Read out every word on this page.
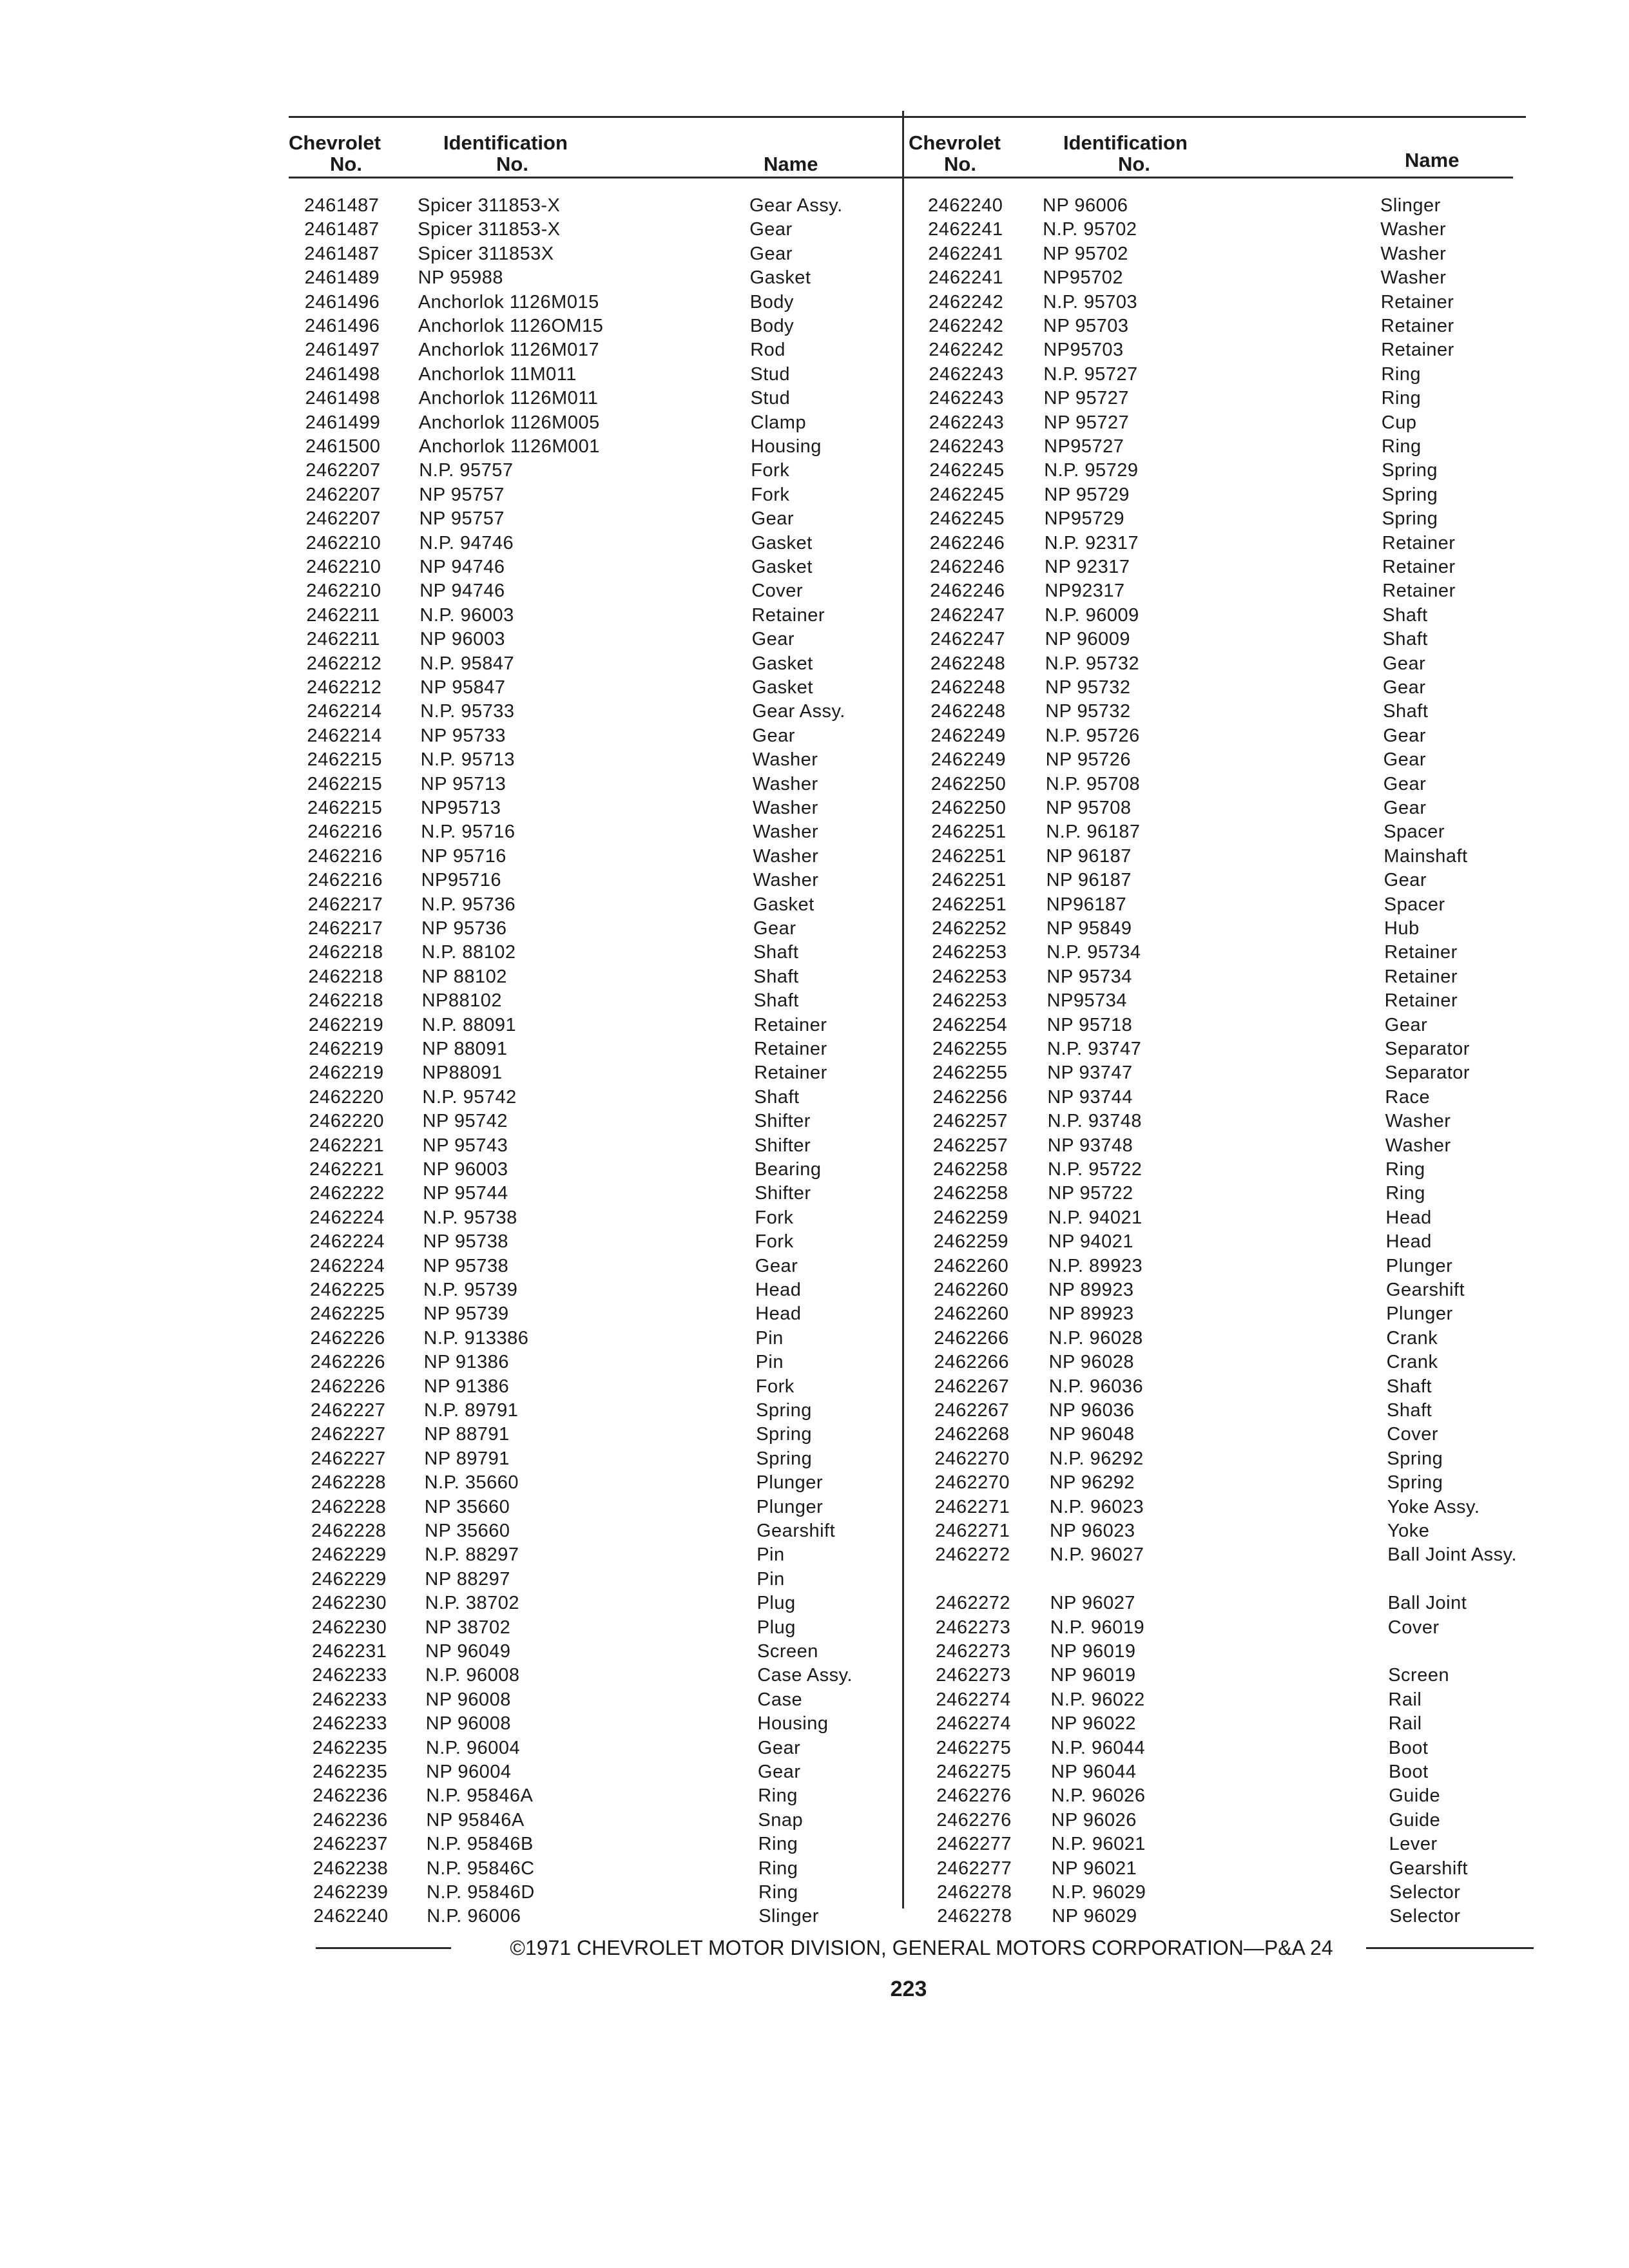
Chevrolet
No.
Identification
No.	Name
Chevrolet
No.
Identification
No.	Name
2461487 Spicer 311853-X	Gear Assy.
2461487 Spicer 311853-X	Gear
2461487 Spicer 311853X	Gear
2461489 NP 95988	Gasket
2461496 Anchorlok 1126M015	Body
2461496 Anchorlok 1126OM15	Body
2461497 Anchorlok 1126M017	Rod
2461498 Anchorlok 11M011	Stud
2461498 Anchorlok 1126M011	Stud
2461499 Anchorlok 1126M005	Clamp
2461500 Anchorlok 1126M001	Housing
2462207 N.P. 95757	Fork
2462207 NP 95757	Fork
2462207 NP 95757	Gear
2462210 N.P. 94746	Gasket
2462210 NP 94746	Gasket
2462210 NP 94746	Cover
2462211 N.P. 96003	Retainer
2462211 NP 96003	Gear
2462212 N.P. 95847	Gasket
2462212 NP 95847	Gasket
2462214 N.P. 95733	Gear Assy.
2462214 NP 95733	Gear
2462215 N.P. 95713	Washer
2462215 NP 95713	Washer
2462215 NP95713	Washer
2462216 N.P. 95716	Washer
2462216 NP 95716	Washer
2462216 NP95716	Washer
2462217 N.P. 95736	Gasket
2462217 NP 95736	Gear
2462218 N.P. 88102	Shaft
2462218 NP 88102	Shaft
2462218 NP88102	Shaft
2462219 N.P. 88091	Retainer
2462219 NP 88091	Retainer
2462219 NP88091	Retainer
2462220 N.P. 95742	Shaft
2462220 NP 95742	Shifter
2462221 NP 95743	Shifter
2462221 NP 96003	Bearing
2462222 NP 95744	Shifter
2462224 N.P. 95738	Fork
2462224 NP 95738	Fork
2462224 NP 95738	Gear
2462225 N.P. 95739	Head
2462225 NP 95739	Head
2462226 N.P. 913386	Pin
2462226 NP 91386	Pin
2462226 NP 91386	Fork
2462227 N.P. 89791	Spring
2462227 NP 88791	Spring
2462227 NP 89791	Spring
2462228 N.P. 35660	Plunger
2462228 NP 35660	Plunger
2462228 NP 35660	Gearshift
2462229 N.P. 88297	Pin
2462229 NP 88297	Pin
2462230 N.P. 38702	Plug
2462230 NP 38702	Plug
2462231 NP 96049	Screen
2462233 N.P. 96008	Case Assy.
2462233 NP 96008	Case
2462233 NP 96008	Housing
2462235 N.P. 96004	Gear
2462235 NP 96004	Gear
2462236 N.P. 95846A	Ring
2462236 NP 95846A	Snap
2462237 N.P. 95846B	Ring
2462238 N.P. 95846C	Ring
2462239 N.P. 95846D	Ring
2462240 N.P. 96006	Slinger
2462240 NP 96006	Slinger
2462241 N.P. 95702	Washer
2462241 NP 95702	Washer
2462241 NP95702	Washer
2462242 N.P. 95703	Retainer
2462242 NP 95703	Retainer
2462242 NP95703	Retainer
2462243 N.P. 95727	Ring
2462243 NP 95727	Ring
2462243 NP 95727	Cup
2462243 NP95727	Ring
2462245 N.P. 95729	Spring
2462245 NP 95729	Spring
2462245 NP95729	Spring
2462246 N.P. 92317	Retainer
2462246 NP 92317	Retainer
2462246 NP92317	Retainer
2462247 N.P. 96009	Shaft
2462247 NP 96009	Shaft
2462248 N.P. 95732	Gear
2462248 NP 95732	Gear
2462248 NP 95732	Shaft
2462249 N.P. 95726	Gear
2462249 NP 95726	Gear
2462250 N.P. 95708	Gear
2462250 NP 95708	Gear
2462251 N.P. 96187	Spacer
2462251 NP 96187	Mainshaft
2462251 NP 96187	Gear
2462251 NP96187	Spacer
2462252 NP 95849	Hub
2462253 N.P. 95734	Retainer
2462253 NP 95734	Retainer
2462253 NP95734	Retainer
2462254 NP 95718	Gear
2462255 N.P. 93747	Separator
2462255 NP 93747	Separator
2462256 NP 93744	Race
2462257 N.P. 93748	Washer
2462257 NP 93748	Washer
2462258 N.P. 95722	Ring
2462258 NP 95722	Ring
2462259 N.P. 94021	Head
2462259 NP 94021	Head
2462260 N.P. 89923	Plunger
2462260 NP 89923	Gearshift
2462260 NP 89923	Plunger
2462266 N.P. 96028	Crank
2462266 NP 96028	Crank
2462267 N.P. 96036	Shaft
2462267 NP 96036	Shaft
2462268 NP 96048	Cover
2462270 N.P. 96292	Spring
2462270 NP 96292	Spring
2462271 N.P. 96023	Yoke Assy.
2462271 NP 96023	Yoke
2462272 N.P. 96027	Ball Joint Assy.
2462272 NP 96027	Ball Joint
2462273 N.P. 96019	Cover
2462273 NP 96019
2462273 NP 96019	Screen
2462274 N.P. 96022	Rail
2462274 NP 96022	Rail
2462275 N.P. 96044	Boot
2462275 NP 96044	Boot
2462276 N.P. 96026	Guide
2462276 NP 96026	Guide
2462277 N.P. 96021	Lever
2462277 NP 96021	Gearshift
2462278 N.P. 96029	Selector
2462278 NP 96029	Selector
©1971 CHEVROLET MOTOR DIVISION, GENERAL MOTORS CORPORATION—P&A 24
223
